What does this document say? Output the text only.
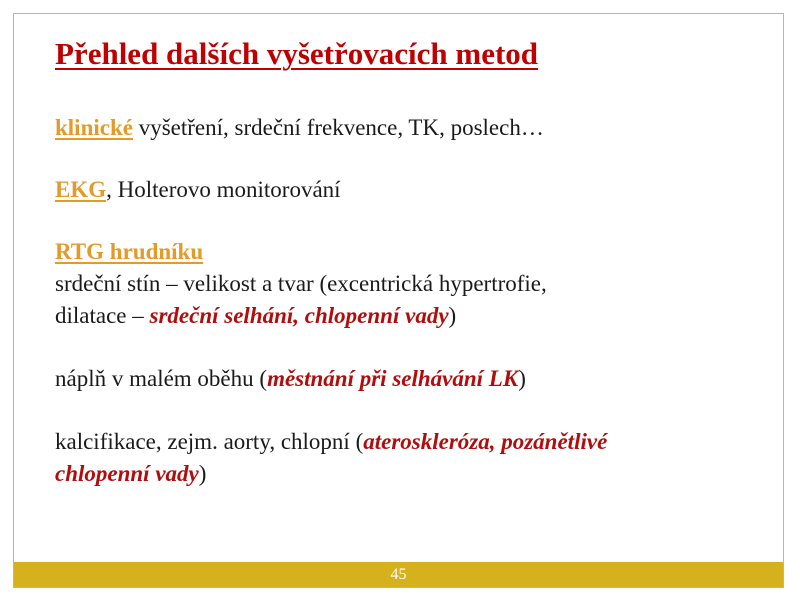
Přehled dalších vyšetřovacích metod

klinické vyšetření, srdeční frekvence, TK, poslech…

EKG, Holterovo monitorování

RTG hrudníku

srdeční stín – velikost a tvar (excentrická hypertrofie,

dilatace – srdeční selhání, chlopenní vady)

náplň v malém oběhu (městnání při selhávání LK)

kalcifikace, zejm. aorty, chlopní (ateroskleróza, pozánětlivé

chlopenní vady)

45
